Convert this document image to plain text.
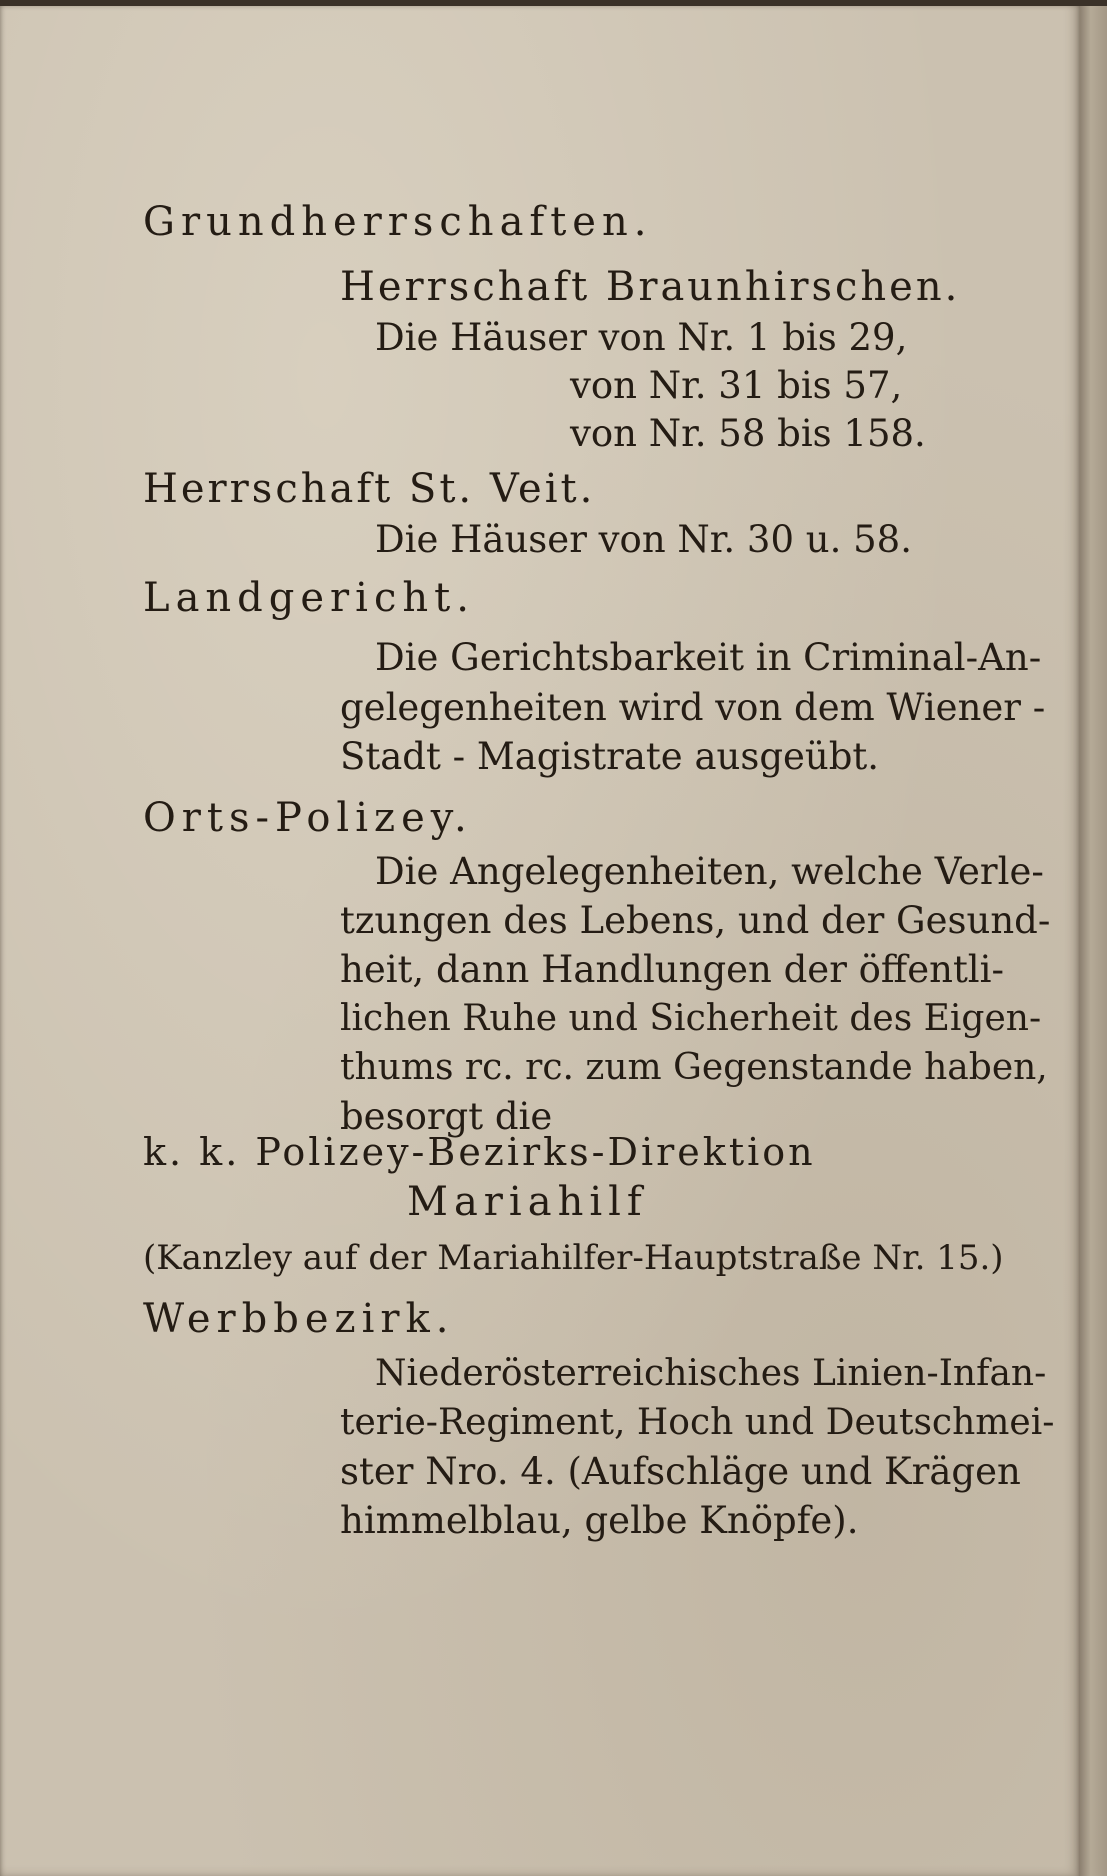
Grundherrschaften.
Herrschaft Braunhirschen.
Die Häuser von Nr. 1 bis 29,
von Nr. 31 bis 57,
von Nr. 58 bis 158.
Herrschaft St. Veit.
Die Häuser von Nr. 30 u. 58.
Landgericht.
Die Gerichtsbarkeit in Criminal-An-
gelegenheiten wird von dem Wiener -
Stadt - Magistrate ausgeübt.
Orts-Polizey.
Die Angelegenheiten, welche Verle-
tzungen des Lebens, und der Gesund-
heit, dann Handlungen der öffentli-
lichen Ruhe und Sicherheit des Eigen-
thums rc. rc. zum Gegenstande haben,
besorgt die
k. k. Polizey-Bezirks-Direktion
Mariahilf
(Kanzley auf der Mariahilfer-Hauptstraße Nr. 15.)
Werbbezirk.
Niederösterreichisches Linien-Infan-
terie-Regiment, Hoch und Deutschmei-
ster Nro. 4. (Aufschläge und Krägen
himmelblau, gelbe Knöpfe).
